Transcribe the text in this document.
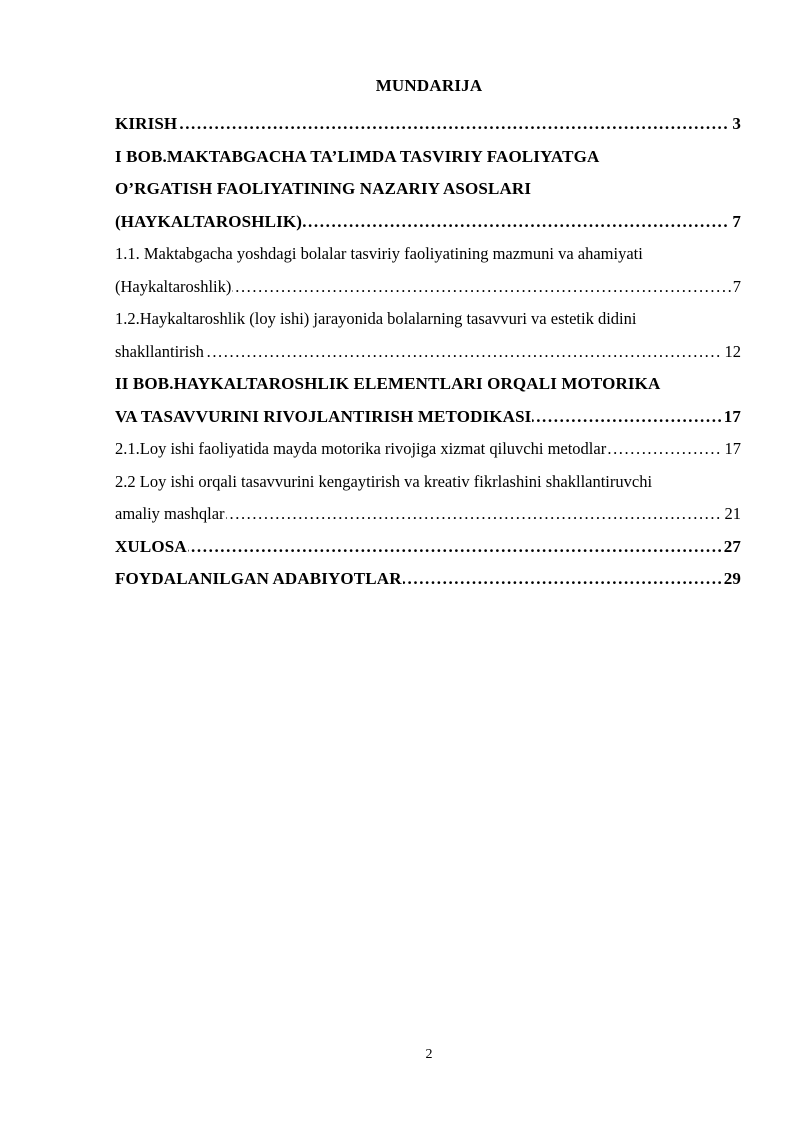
MUNDARIJA
KIRISH	3
.....
I BOB.MAKTABGACHA TA’LIMDA TASVIRIY FAOLIYATGA
O’RGATISH FAOLIYATINING NAZARIY ASOSLARI
(HAYKALTAROSHLIK)	7
.....
1.1. Maktabgacha yoshdagi bolalar tasviriy faoliyatining mazmuni va ahamiyati
(Haykaltaroshlik)	7
.....
1.2.Haykaltaroshlik (loy ishi) jarayonida bolalarning tasavvuri va estetik didini
shakllantirish	12
.....
II BOB.HAYKALTAROSHLIK ELEMENTLARI ORQALI MOTORIKA
VA TASAVVURINI RIVOJLANTIRISH METODIKASI	17
.....
2.1.Loy ishi faoliyatida mayda motorika rivojiga xizmat qiluvchi metodlar	17
.....
2.2 Loy ishi orqali tasavvurini kengaytirish va kreativ fikrlashini shakllantiruvchi
amaliy mashqlar	21
.....
XULOSA	27
.....
FOYDALANILGAN ADABIYOTLAR	29
.....
2
